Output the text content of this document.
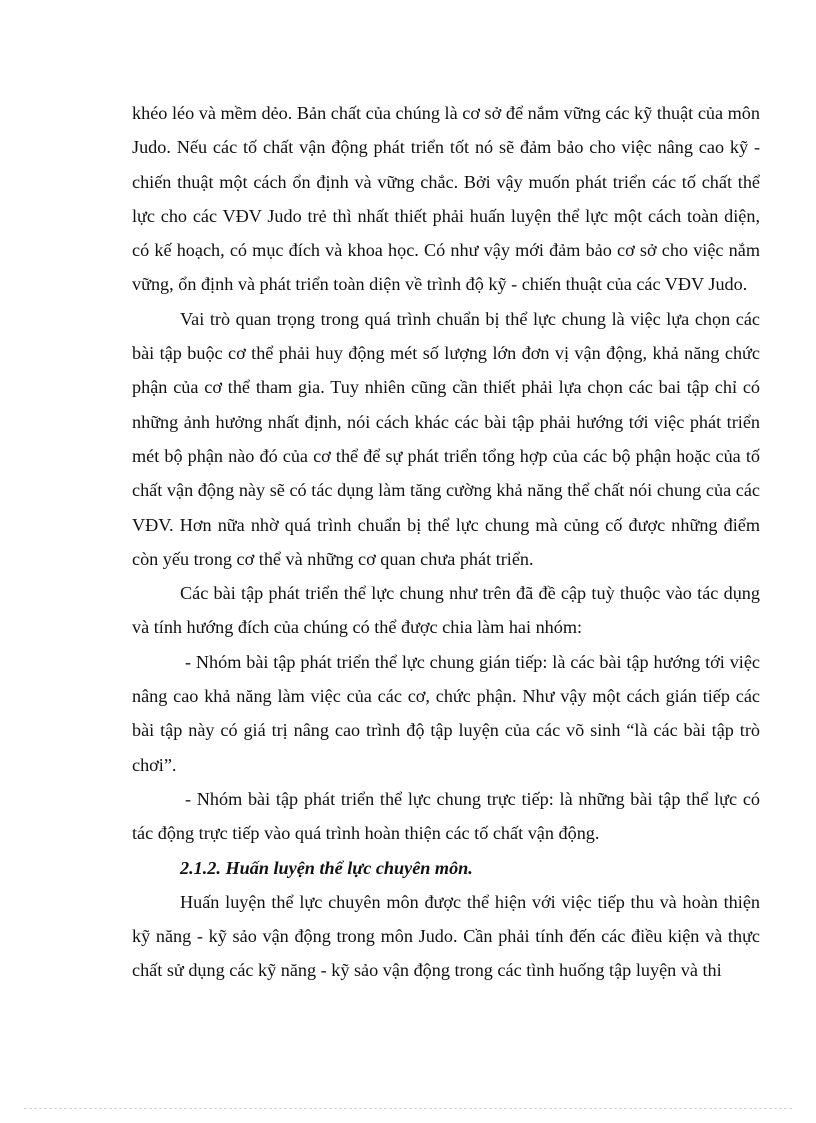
khéo léo và mềm dẻo. Bản chất của chúng là cơ sở để nắm vững các kỹ thuật của môn Judo. Nếu các tố chất vận động phát triển tốt nó sẽ đảm bảo cho việc nâng cao kỹ - chiến thuật một cách ổn định và vững chắc. Bởi vậy muốn phát triển các tố chất thể lực cho các VĐV Judo trẻ thì nhất thiết phải huấn luyện thể lực một cách toàn diện, có kế hoạch, có mục đích và khoa học. Có như vậy mới đảm bảo cơ sở cho việc nắm vững, ổn định và phát triển toàn diện về trình độ kỹ - chiến thuật của các VĐV Judo.

Vai trò quan trọng trong quá trình chuẩn bị thể lực chung là việc lựa chọn các bài tập buộc cơ thể phải huy động mét số lượng lớn đơn vị vận động, khả năng chức phận của cơ thể tham gia. Tuy nhiên cũng cần thiết phải lựa chọn các bai tập chỉ có những ảnh hưởng nhất định, nói cách khác các bài tập phải hướng tới việc phát triển mét bộ phận nào đó của cơ thể để sự phát triển tổng hợp của các bộ phận hoặc của tố chất vận động này sẽ có tác dụng làm tăng cường khả năng thể chất nói chung của các VĐV. Hơn nữa nhờ quá trình chuẩn bị thể lực chung mà củng cố được những điểm còn yếu trong cơ thể và những cơ quan chưa phát triển.

Các bài tập phát triển thể lực chung như trên đã đề cập tuỳ thuộc vào tác dụng và tính hướng đích của chúng có thể được chia làm hai nhóm:

- Nhóm bài tập phát triển thể lực chung gián tiếp: là các bài tập hướng tới việc nâng cao khả năng làm việc của các cơ, chức phận. Như vậy một cách gián tiếp các bài tập này có giá trị nâng cao trình độ tập luyện của các võ sinh “là các bài tập trò chơi”.

- Nhóm bài tập phát triển thể lực chung trực tiếp: là những bài tập thể lực có tác động trực tiếp vào quá trình hoàn thiện các tố chất vận động.

2.1.2. Huấn luyện thể lực chuyên môn.

Huấn luyện thể lực chuyên môn được thể hiện với việc tiếp thu và hoàn thiện kỹ năng - kỹ sảo vận động trong môn Judo. Cần phải tính đến các điều kiện và thực chất sử dụng các kỹ năng - kỹ sảo vận động trong các tình huống tập luyện và thi
